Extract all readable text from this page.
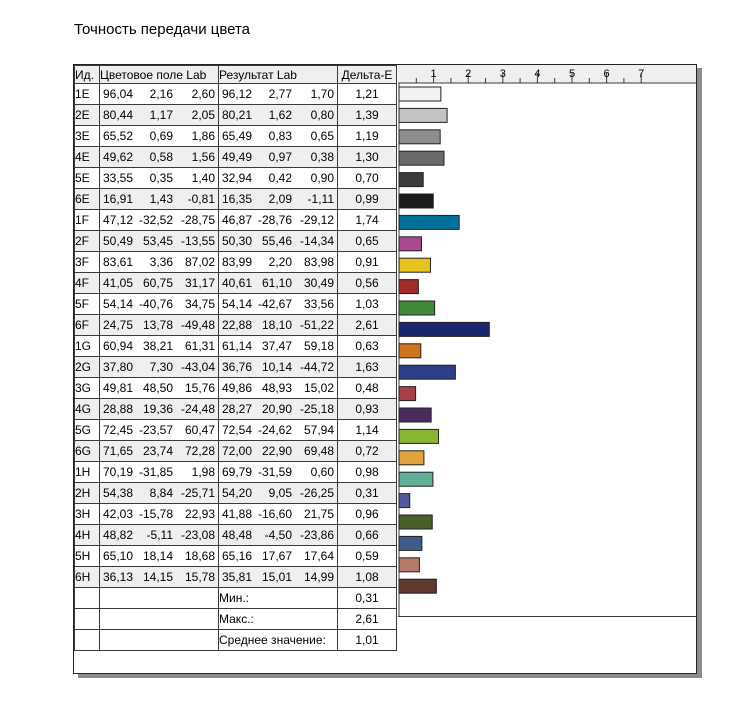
Точность передачи цвета
Ид.	Цветовое поле Lab	Результат Lab	Дельта-E
1E	96,04 2,16 2,60	96,12 2,77 1,70	1,21
2E	80,44 1,17 2,05	80,21 1,62 0,80	1,39
3E	65,52 0,69 1,86	65,49 0,83 0,65	1,19
4E	49,62 0,58 1,56	49,49 0,97 0,38	1,30
5E	33,55 0,35 1,40	32,94 0,42 0,90	0,70
6E	16,91 1,43 -0,81	16,35 2,09 -1,11	0,99
1F	47,12 -32,52 -28,75	46,87 -28,76 -29,12	1,74
2F	50,49 53,45 -13,55	50,30 55,46 -14,34	0,65
3F	83,61 3,36 87,02	83,99 2,20 83,98	0,91
4F	41,05 60,75 31,17	40,61 61,10 30,49	0,56
5F	54,14 -40,76 34,75	54,14 -42,67 33,56	1,03
6F	24,75 13,78 -49,48	22,88 18,10 -51,22	2,61
1G	60,94 38,21 61,31	61,14 37,47 59,18	0,63
2G	37,80 7,30 -43,04	36,76 10,14 -44,72	1,63
3G	49,81 48,50 15,76	49,86 48,93 15,02	0,48
4G	28,88 19,36 -24,48	28,27 20,90 -25,18	0,93
5G	72,45 -23,57 60,47	72,54 -24,62 57,94	1,14
6G	71,65 23,74 72,28	72,00 22,90 69,48	0,72
1H	70,19 -31,85 1,98	69,79 -31,59 0,60	0,98
2H	54,38 8,84 -25,71	54,20 9,05 -26,25	0,31
3H	42,03 -15,78 22,93	41,88 -16,60 21,75	0,96
4H	48,82 -5,11 -23,08	48,48 -4,50 -23,86	0,66
5H	65,10 18,14 18,68	65,16 17,67 17,64	0,59
6H	36,13 14,15 15,78	35,81 15,01 14,99	1,08
		Мин.:	0,31
		Макс.:	2,61
		Среднее значение:	1,01
1	2	3	4	5	6	7
